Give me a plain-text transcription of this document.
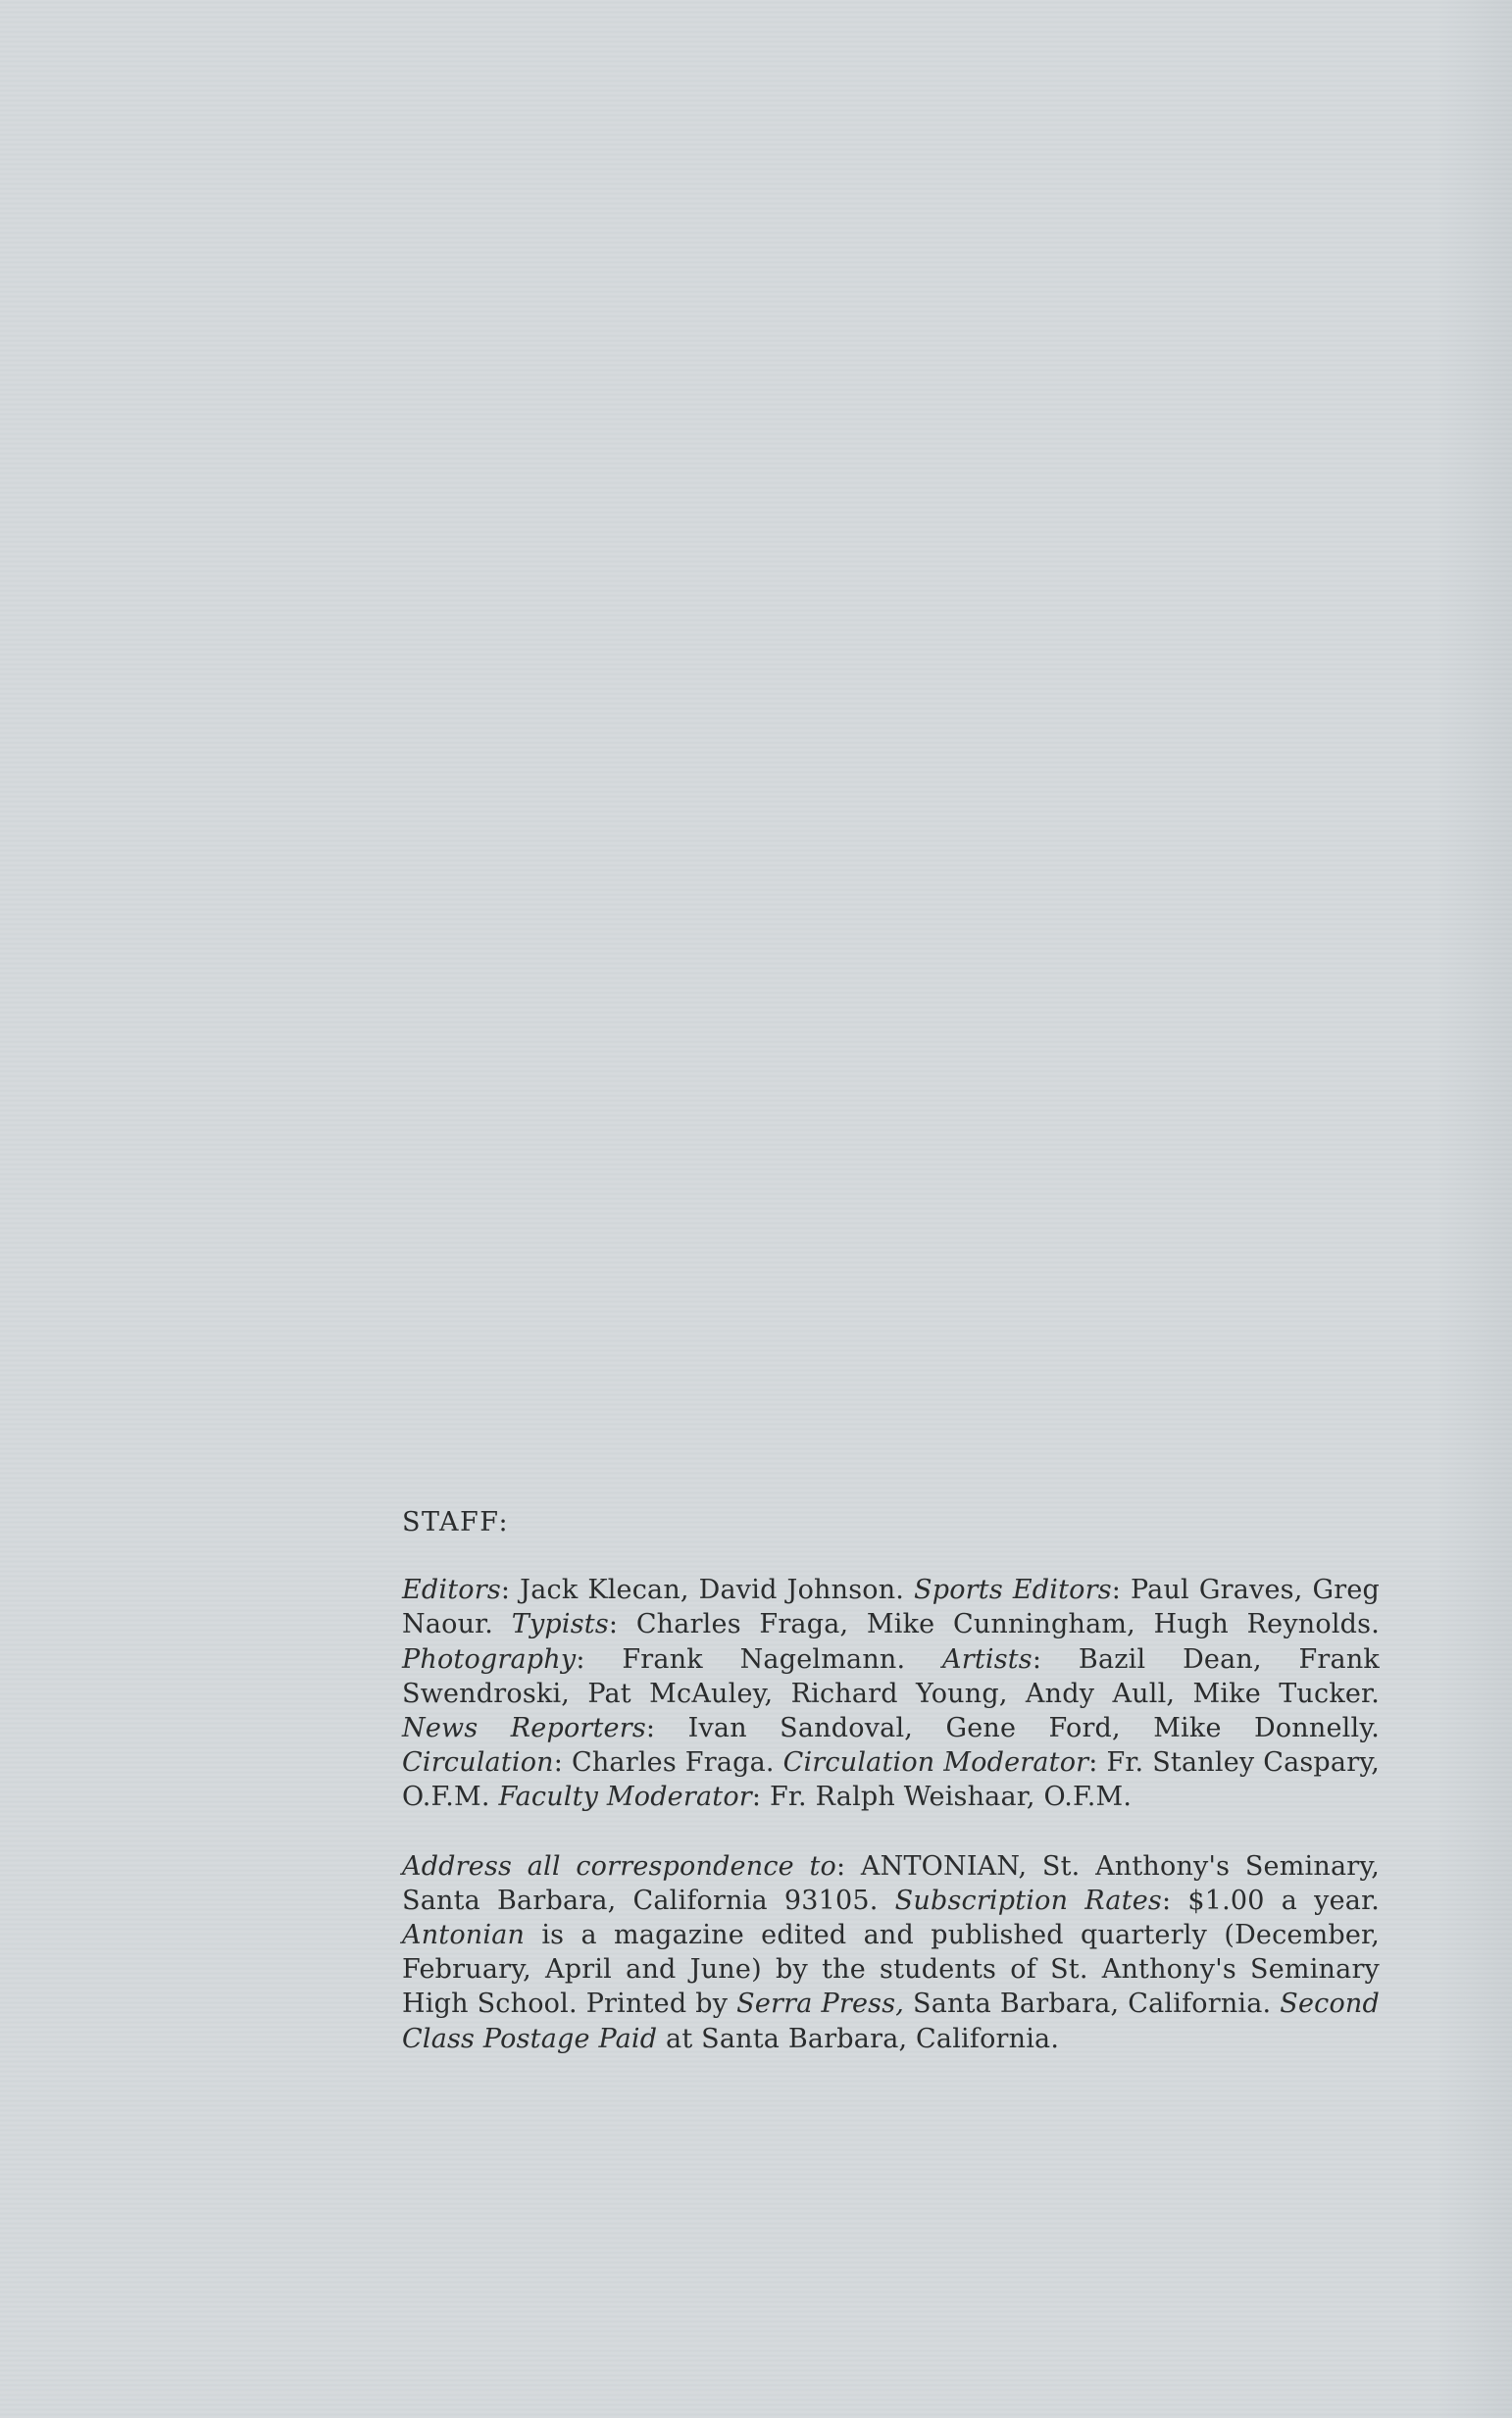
STAFF:

Editors: Jack Klecan, David Johnson. Sports Editors: Paul Graves, Greg Naour. Typists: Charles Fraga, Mike Cunningham, Hugh Reynolds. Photography: Frank Nagelmann. Artists: Bazil Dean, Frank Swendroski, Pat McAuley, Richard Young, Andy Aull, Mike Tucker. News Reporters: Ivan Sandoval, Gene Ford, Mike Donnelly. Circulation: Charles Fraga. Circulation Moderator: Fr. Stanley Caspary, O.F.M. Faculty Moderator: Fr. Ralph Weishaar, O.F.M.

Address all correspondence to: ANTONIAN, St. Anthony's Seminary, Santa Barbara, California 93105. Subscription Rates: $1.00 a year. Antonian is a magazine edited and published quarterly (December, February, April and June) by the students of St. Anthony's Seminary High School. Printed by Serra Press, Santa Barbara, California. Second Class Postage Paid at Santa Barbara, California.
